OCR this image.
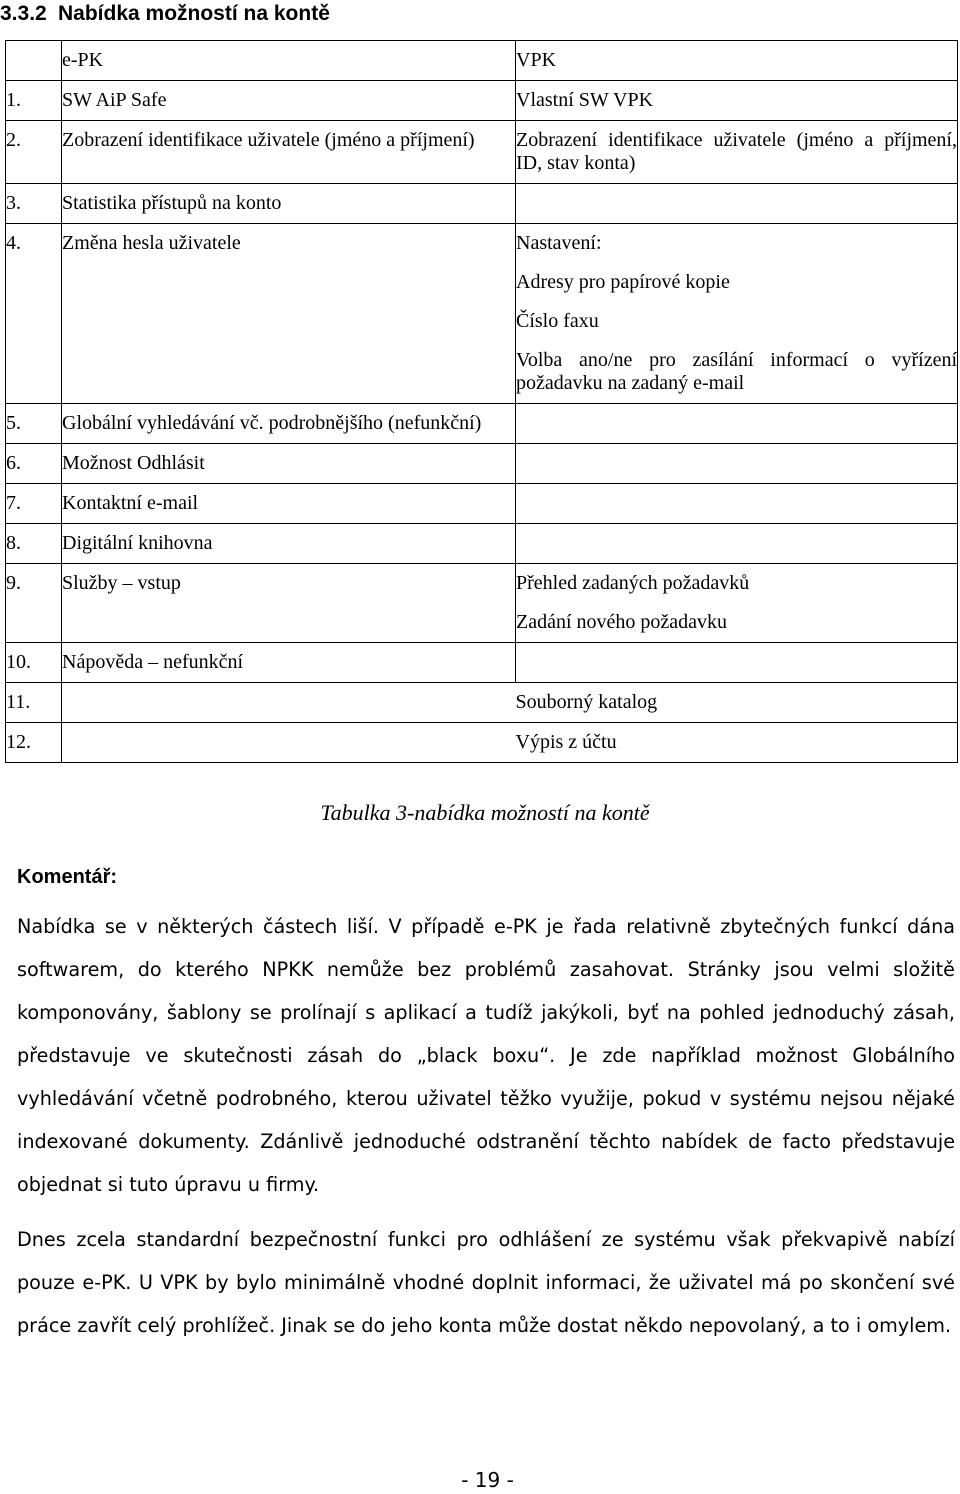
3.3.2 Nabídka možností na kontě

	e-PK	VPK

1.	SW AiP Safe	Vlastní SW VPK

2.	Zobrazení identifikace uživatele (jméno a příjmení)	Zobrazení identifikace uživatele (jméno a příjmení, ID, stav konta)

3.	Statistika přístupů na konto	

4.	Změna hesla uživatele	Nastavení:
Adresy pro papírové kopie
Číslo faxu
Volba ano/ne pro zasílání informací o vyřízení požadavku na zadaný e-mail

5.	Globální vyhledávání vč. podrobnějšího (nefunkční)	

6.	Možnost Odhlásit	

7.	Kontaktní e-mail	

8.	Digitální knihovna	

9.	Služby – vstup	Přehled zadaných požadavků
Zadání nového požadavku

10.	Nápověda – nefunkční	

11.		Souborný katalog

12.		Výpis z účtu

Tabulka 3-nabídka možností na kontě

Komentář:

Nabídka se v některých částech liší. V případě e-PK je řada relativně zbytečných funkcí dána softwarem, do kterého NPKK nemůže bez problémů zasahovat. Stránky jsou velmi složitě komponovány, šablony se prolínají s aplikací a tudíž jakýkoli, byť na pohled jednoduchý zásah, představuje ve skutečnosti zásah do „black boxu“. Je zde například možnost Globálního vyhledávání včetně podrobného, kterou uživatel těžko využije, pokud v systému nejsou nějaké indexované dokumenty. Zdánlivě jednoduché odstranění těchto nabídek de facto představuje objednat si tuto úpravu u firmy.

Dnes zcela standardní bezpečnostní funkci pro odhlášení ze systému však překvapivě nabízí pouze e-PK. U VPK by bylo minimálně vhodné doplnit informaci, že uživatel má po skončení své práce zavřít celý prohlížeč. Jinak se do jeho konta může dostat někdo nepovolaný, a to i omylem.

- 19 -
